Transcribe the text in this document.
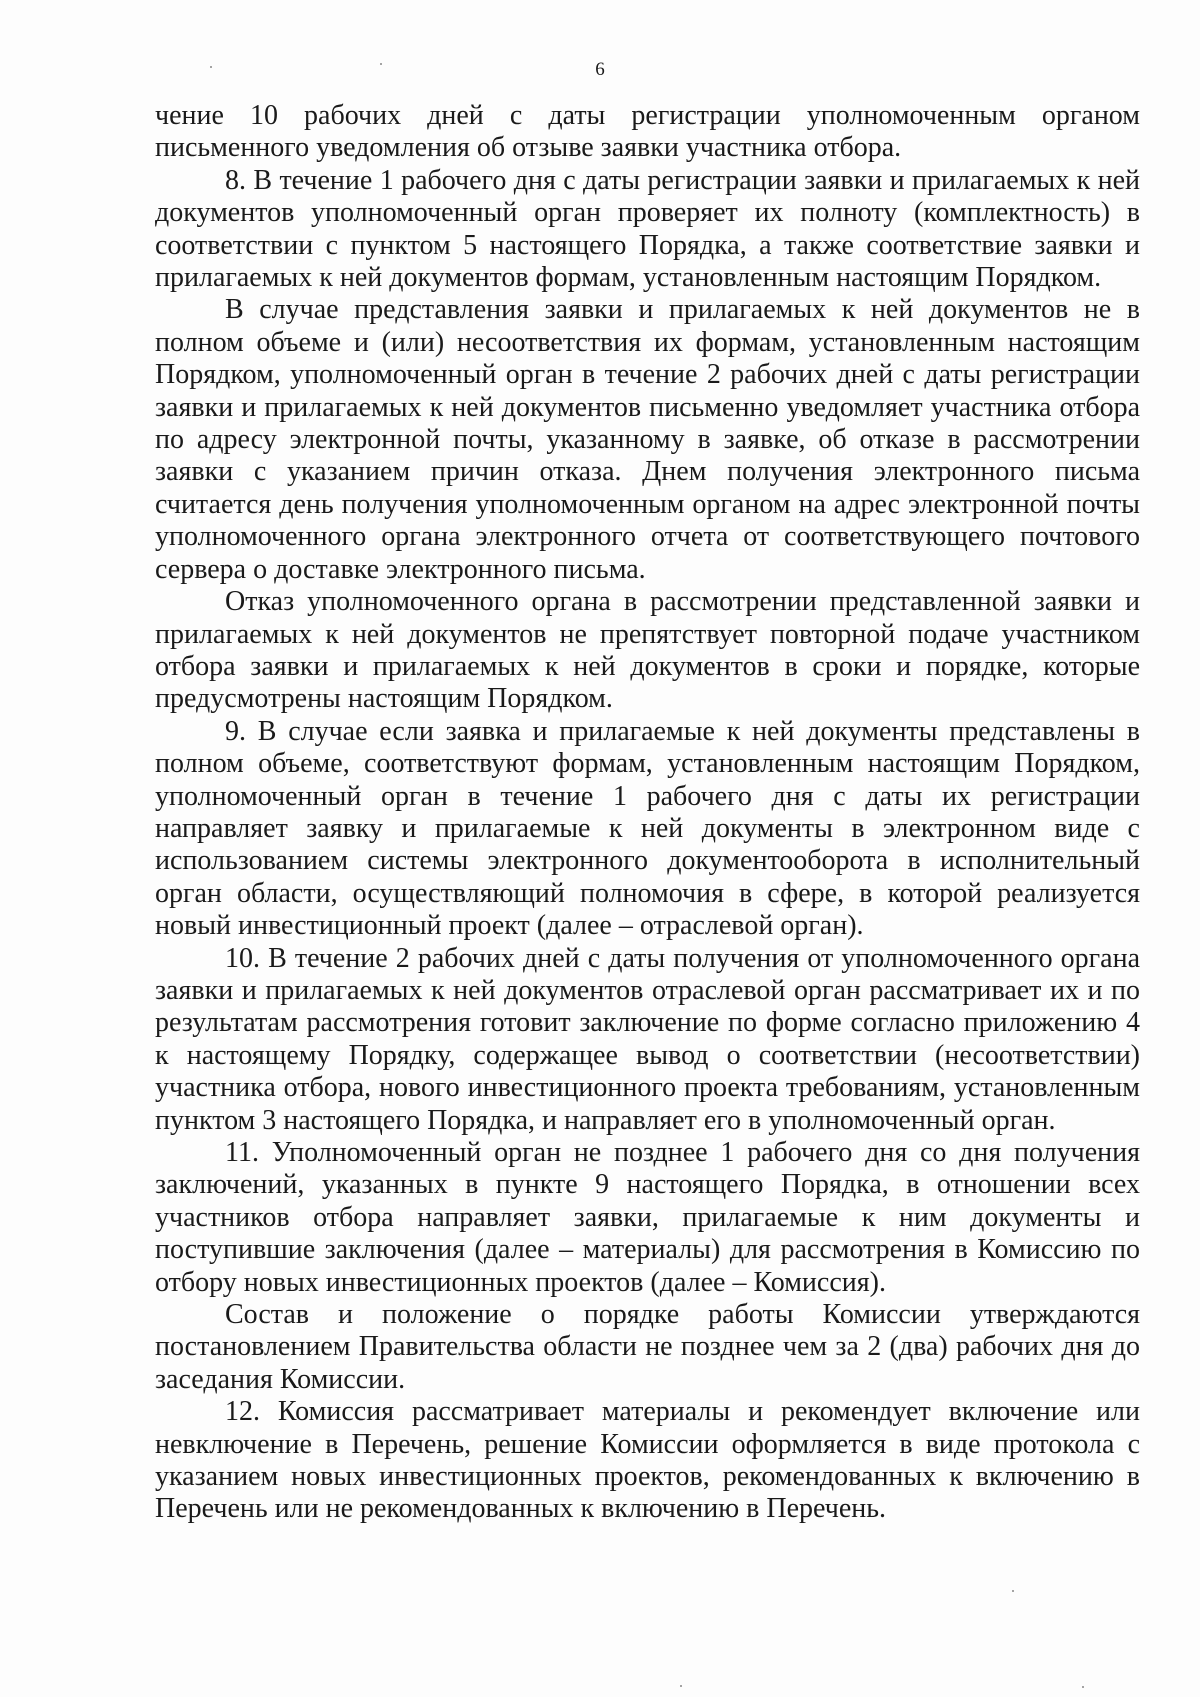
6

чение 10 рабочих дней с даты регистрации уполномоченным органом письменного уведомления об отзыве заявки участника отбора.

8. В течение 1 рабочего дня с даты регистрации заявки и прилагаемых к ней документов уполномоченный орган проверяет их полноту (комплектность) в соответствии с пунктом 5 настоящего Порядка, а также соответствие заявки и прилагаемых к ней документов формам, установленным настоящим Порядком.

В случае представления заявки и прилагаемых к ней документов не в полном объеме и (или) несоответствия их формам, установленным настоящим Порядком, уполномоченный орган в течение 2 рабочих дней с даты регистрации заявки и прилагаемых к ней документов письменно уведомляет участника отбора по адресу электронной почты, указанному в заявке, об отказе в рассмотрении заявки с указанием причин отказа. Днем получения электронного письма считается день получения уполномоченным органом на адрес электронной почты уполномоченного органа электронного отчета от соответствующего почтового сервера о доставке электронного письма.

Отказ уполномоченного органа в рассмотрении представленной заявки и прилагаемых к ней документов не препятствует повторной подаче участником отбора заявки и прилагаемых к ней документов в сроки и порядке, которые предусмотрены настоящим Порядком.

9. В случае если заявка и прилагаемые к ней документы представлены в полном объеме, соответствуют формам, установленным настоящим Порядком, уполномоченный орган в течение 1 рабочего дня с даты их регистрации направляет заявку и прилагаемые к ней документы в электронном виде с использованием системы электронного документооборота в исполнительный орган области, осуществляющий полномочия в сфере, в которой реализуется новый инвестиционный проект (далее – отраслевой орган).

10. В течение 2 рабочих дней с даты получения от уполномоченного органа заявки и прилагаемых к ней документов отраслевой орган рассматривает их и по результатам рассмотрения готовит заключение по форме согласно приложению 4 к настоящему Порядку, содержащее вывод о соответствии (несоответствии) участника отбора, нового инвестиционного проекта требованиям, установленным пунктом 3 настоящего Порядка, и направляет его в уполномоченный орган.

11. Уполномоченный орган не позднее 1 рабочего дня со дня получения заключений, указанных в пункте 9 настоящего Порядка, в отношении всех участников отбора направляет заявки, прилагаемые к ним документы и поступившие заключения (далее – материалы) для рассмотрения в Комиссию по отбору новых инвестиционных проектов (далее – Комиссия).

Состав и положение о порядке работы Комиссии утверждаются постановлением Правительства области не позднее чем за 2 (два) рабочих дня до заседания Комиссии.

12. Комиссия рассматривает материалы и рекомендует включение или невключение в Перечень, решение Комиссии оформляется в виде протокола с указанием новых инвестиционных проектов, рекомендованных к включению в Перечень или не рекомендованных к включению в Перечень.
